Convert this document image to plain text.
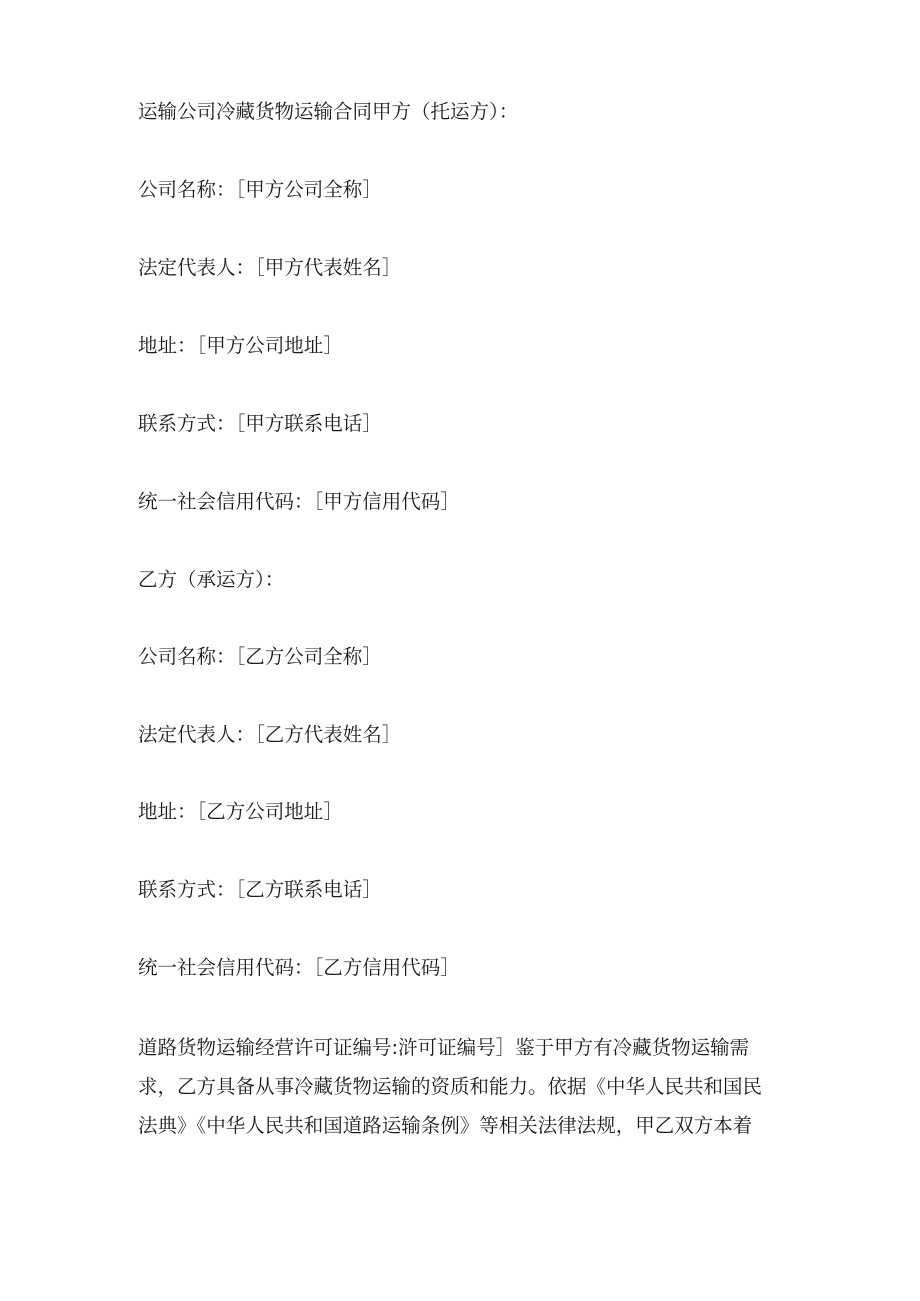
运输公司冷藏货物运输合同甲方（托运方）：
公司名称：［甲方公司全称］
法定代表人：［甲方代表姓名］
地址：［甲方公司地址］
联系方式：［甲方联系电话］
统一社会信用代码：［甲方信用代码］
乙方（承运方）：
公司名称：［乙方公司全称］
法定代表人：［乙方代表姓名］
地址：［乙方公司地址］
联系方式：［乙方联系电话］
统一社会信用代码：［乙方信用代码］
道路货物运输经营许可证编号:浒可证编号］鉴于甲方有冷藏货物运输需
求，乙方具备从事冷藏货物运输的资质和能力。依据《中华人民共和国民
法典》《中华人民共和国道路运输条例》等相关法律法规，甲乙双方本着
